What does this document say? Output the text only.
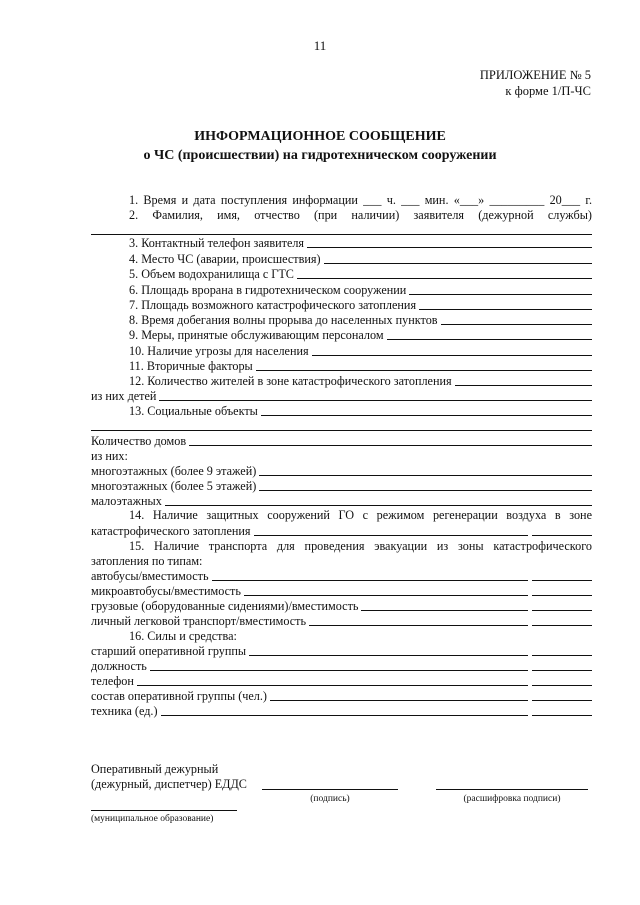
11
ПРИЛОЖЕНИЕ № 5
к форме 1/П-ЧС
ИНФОРМАЦИОННОЕ СООБЩЕНИЕ
о ЧС (происшествии) на гидротехническом сооружении
1. Время и дата поступления информации ___ ч. ___ мин. «___» _________ 20___ г.
2. Фамилия, имя, отчество (при наличии) заявителя (дежурной службы)
3. Контактный телефон заявителя
4. Место ЧС (аварии, происшествия)
5. Объем водохранилища с ГТС
6. Площадь врорана в гидротехническом сооружении
7. Площадь возможного катастрофического затопления
8. Время добегания волны прорыва до населенных пунктов
9. Меры, принятые обслуживающим персоналом
10. Наличие угрозы для населения
11. Вторичные факторы
12. Количество жителей в зоне катастрофического затопления
из них детей
13. Социальные объекты
Количество домов
из них:
многоэтажных (более 9 этажей)
многоэтажных (более 5 этажей)
малоэтажных
14. Наличие защитных сооружений ГО с режимом регенерации воздуха в зоне
катастрофического затопления
15. Наличие транспорта для проведения эвакуации из зоны катастрофического
затопления по типам:
автобусы/вместимость
микроавтобусы/вместимость
грузовые (оборудованные сидениями)/вместимость
личный легковой транспорт/вместимость
16. Силы и средства:
старший оперативной группы
должность
телефон
состав оперативной группы (чел.)
техника (ед.)
Оперативный дежурный
(дежурный, диспетчер) ЕДДС
(подпись)	(расшифровка подписи)
(муниципальное образование)
